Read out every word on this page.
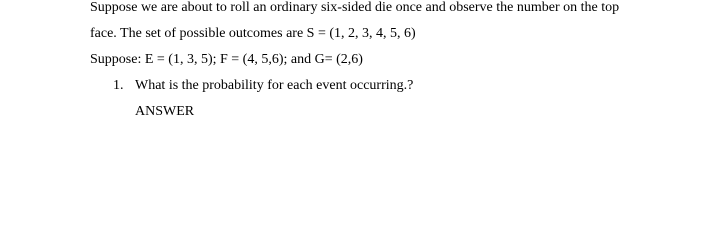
Suppose we are about to roll an ordinary six-sided die once and observe the number on the top
face. The set of possible outcomes are S = (1, 2, 3, 4, 5, 6)
Suppose: E = (1, 3, 5); F = (4, 5,6); and G= (2,6)
1. What is the probability for each event occurring.?
ANSWER
